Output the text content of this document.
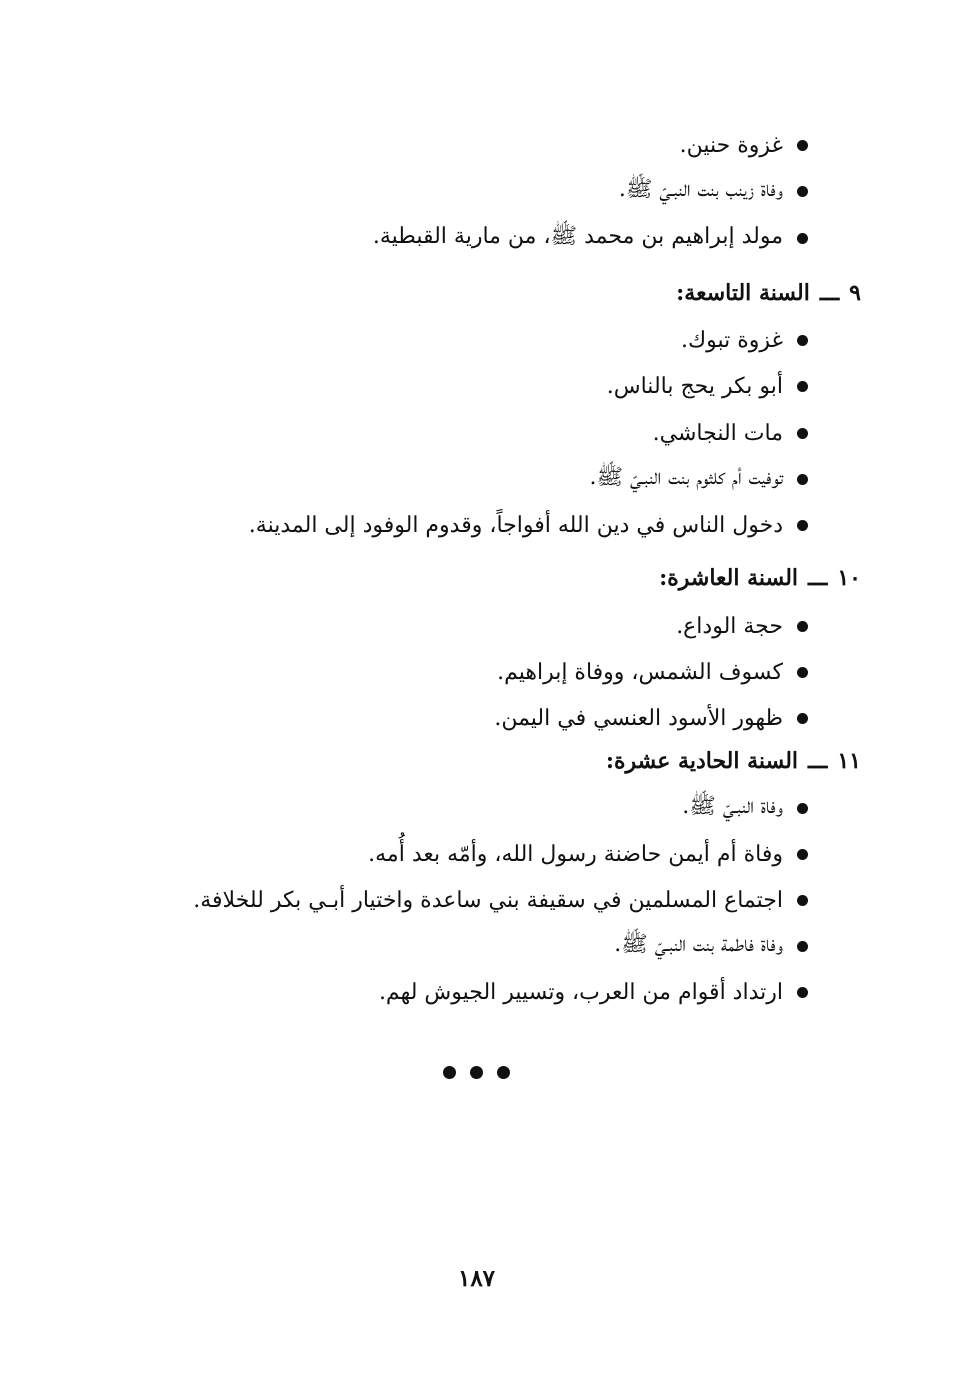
غزوة حنين.
وفاة زينب بنت النبـيّ ﷺ.
مولد إبراهيم بن محمد ﷺ، من مارية القبطية.
٩
ـــ
السنة التاسعة:
غزوة تبوك.
أبو بكر يحج بالناس.
مات النجاشي.
توفيت أم كلثوم بنت النبـيّ ﷺ.
دخول الناس في دين الله أفواجاً، وقدوم الوفود إلى المدينة.
١٠
ـــ
السنة العاشرة:
حجة الوداع.
كسوف الشمس، ووفاة إبراهيم.
ظهور الأسود العنسي في اليمن.
١١
ـــ
السنة الحادية عشرة:
وفاة النبـيّ ﷺ.
وفاة أم أيمن حاضنة رسول الله، وأمّه بعد أُمه.
اجتماع المسلمين في سقيفة بني ساعدة واختيار أبـي بكر للخلافة.
وفاة فاطمة بنت النبـيّ ﷺ.
ارتداد أقوام من العرب، وتسيير الجيوش لهم.
١٨٧
